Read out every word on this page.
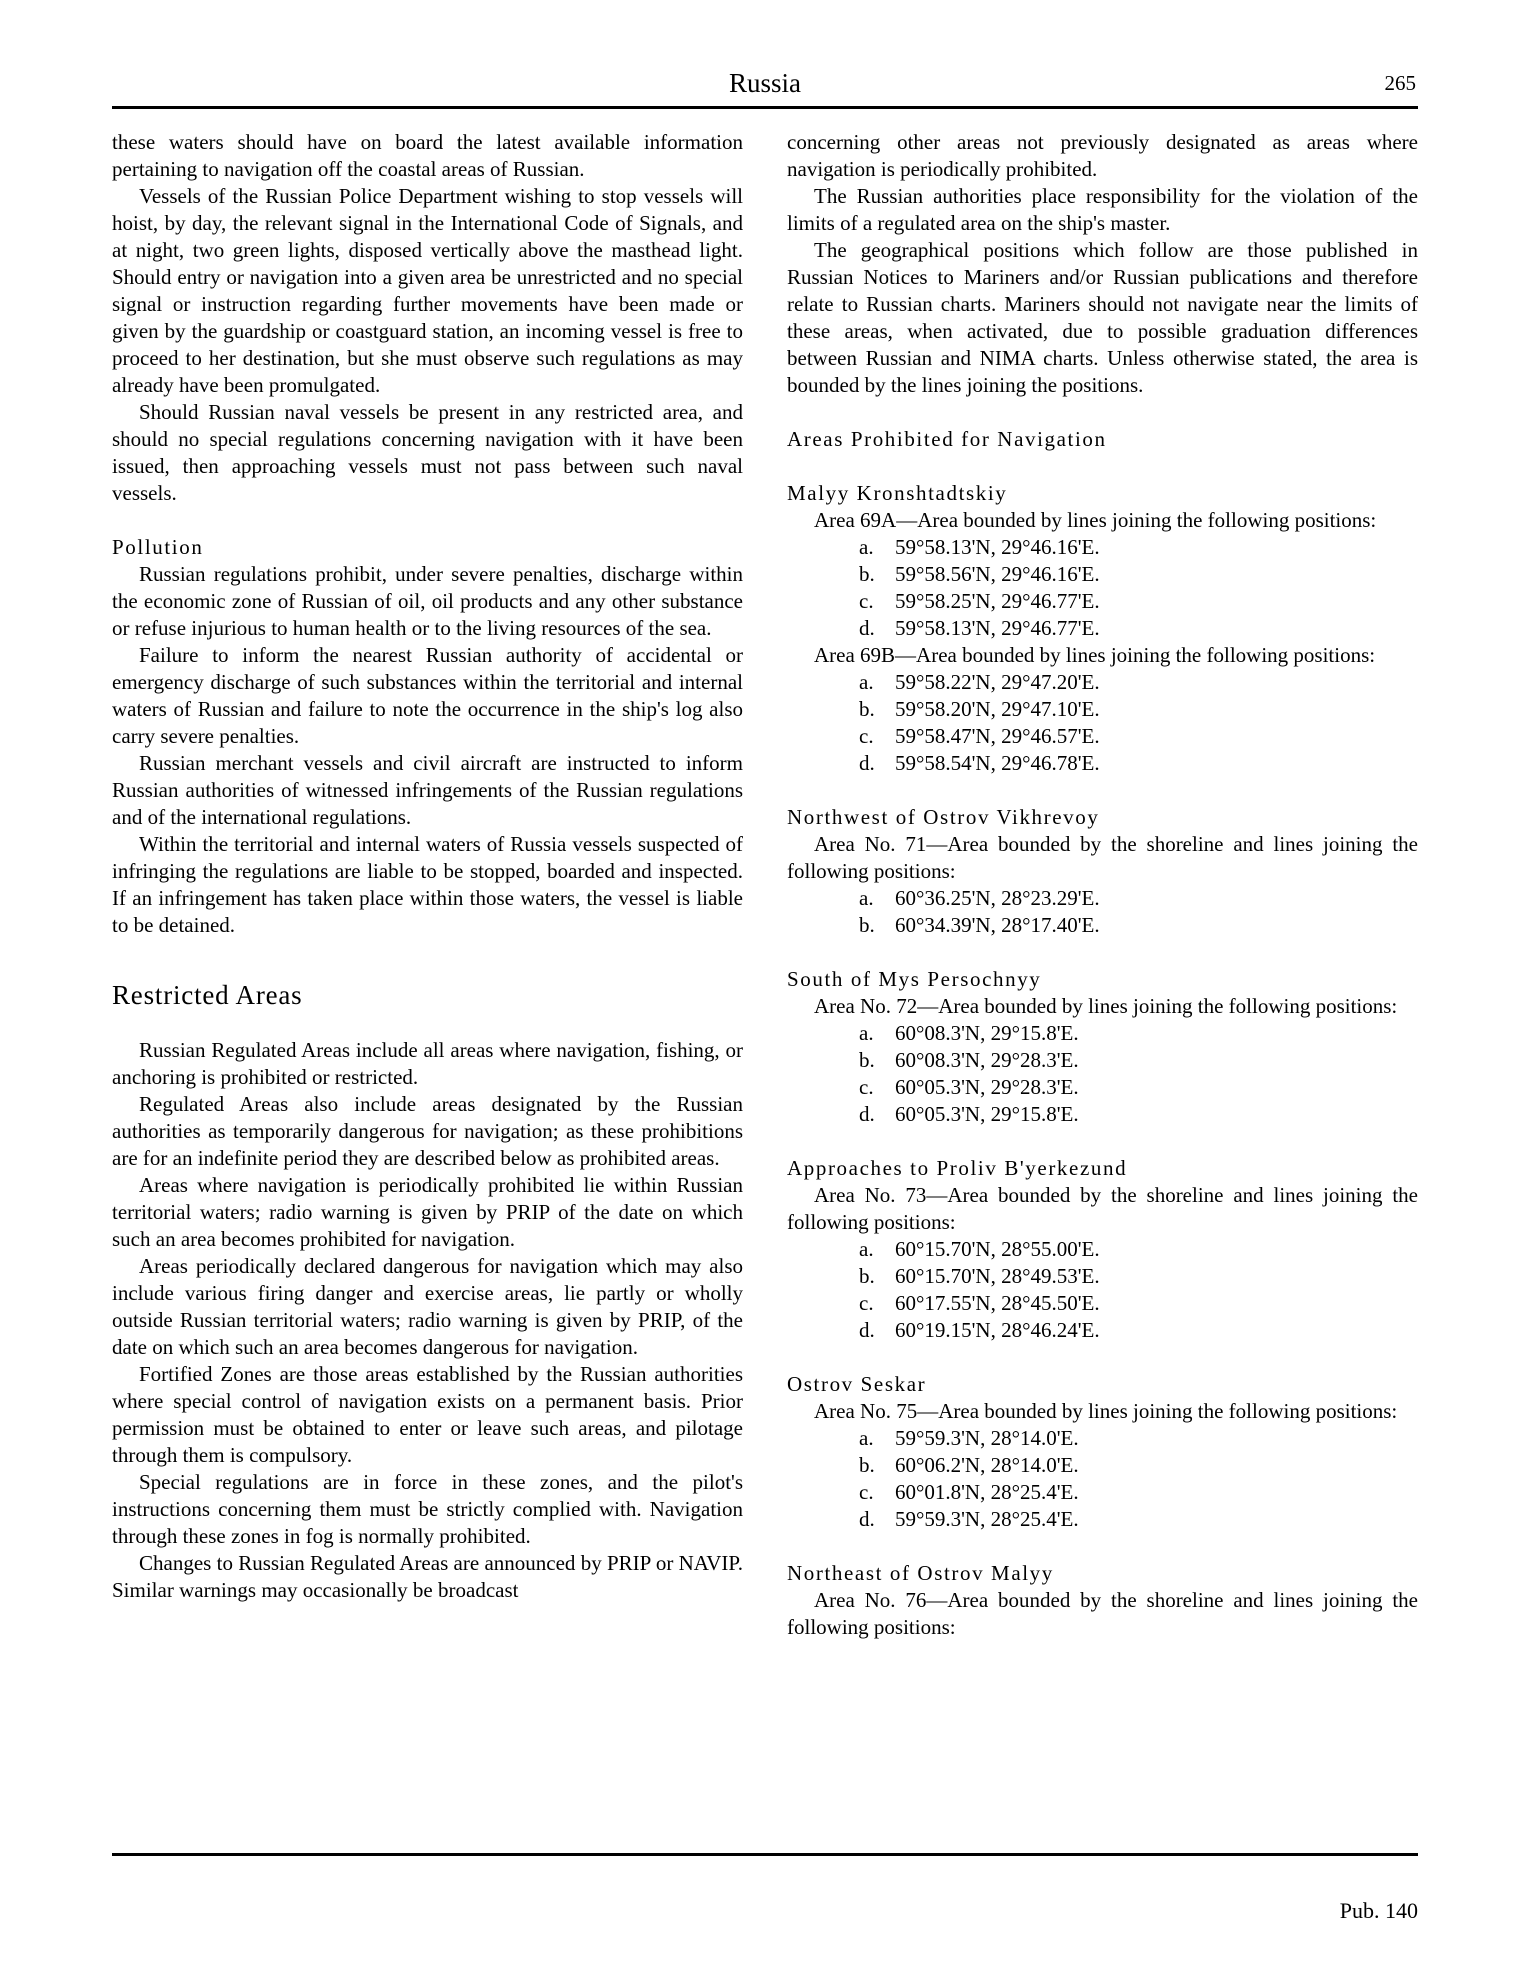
Russia	265

these waters should have on board the latest available information pertaining to navigation off the coastal areas of Russian.

Vessels of the Russian Police Department wishing to stop vessels will hoist, by day, the relevant signal in the International Code of Signals, and at night, two green lights, disposed vertically above the masthead light. Should entry or navigation into a given area be unrestricted and no special signal or instruction regarding further movements have been made or given by the guardship or coastguard station, an incoming vessel is free to proceed to her destination, but she must observe such regulations as may already have been promulgated.

Should Russian naval vessels be present in any restricted area, and should no special regulations concerning navigation with it have been issued, then approaching vessels must not pass between such naval vessels.

Pollution

Russian regulations prohibit, under severe penalties, discharge within the economic zone of Russian of oil, oil products and any other substance or refuse injurious to human health or to the living resources of the sea.

Failure to inform the nearest Russian authority of accidental or emergency discharge of such substances within the territorial and internal waters of Russian and failure to note the occurrence in the ship's log also carry severe penalties.

Russian merchant vessels and civil aircraft are instructed to inform Russian authorities of witnessed infringements of the Russian regulations and of the international regulations.

Within the territorial and internal waters of Russia vessels suspected of infringing the regulations are liable to be stopped, boarded and inspected. If an infringement has taken place within those waters, the vessel is liable to be detained.

Restricted Areas

Russian Regulated Areas include all areas where navigation, fishing, or anchoring is prohibited or restricted.

Regulated Areas also include areas designated by the Russian authorities as temporarily dangerous for navigation; as these prohibitions are for an indefinite period they are described below as prohibited areas.

Areas where navigation is periodically prohibited lie within Russian territorial waters; radio warning is given by PRIP of the date on which such an area becomes prohibited for navigation.

Areas periodically declared dangerous for navigation which may also include various firing danger and exercise areas, lie partly or wholly outside Russian territorial waters; radio warning is given by PRIP, of the date on which such an area becomes dangerous for navigation.

Fortified Zones are those areas established by the Russian authorities where special control of navigation exists on a permanent basis. Prior permission must be obtained to enter or leave such areas, and pilotage through them is compulsory.

Special regulations are in force in these zones, and the pilot's instructions concerning them must be strictly complied with. Navigation through these zones in fog is normally prohibited.

Changes to Russian Regulated Areas are announced by PRIP or NAVIP. Similar warnings may occasionally be broadcast

concerning other areas not previously designated as areas where navigation is periodically prohibited.

The Russian authorities place responsibility for the violation of the limits of a regulated area on the ship's master.

The geographical positions which follow are those published in Russian Notices to Mariners and/or Russian publications and therefore relate to Russian charts. Mariners should not navigate near the limits of these areas, when activated, due to possible graduation differences between Russian and NIMA charts. Unless otherwise stated, the area is bounded by the lines joining the positions.

Areas Prohibited for Navigation
Malyy Kronshtadtskiy

Area 69A—Area bounded by lines joining the following positions:

a. 59°58.13'N, 29°46.16'E.
b. 59°58.56'N, 29°46.16'E.
c. 59°58.25'N, 29°46.77'E.
d. 59°58.13'N, 29°46.77'E.

Area 69B—Area bounded by lines joining the following positions:

a. 59°58.22'N, 29°47.20'E.
b. 59°58.20'N, 29°47.10'E.
c. 59°58.47'N, 29°46.57'E.
d. 59°58.54'N, 29°46.78'E.
Northwest of Ostrov Vikhrevoy

Area No. 71—Area bounded by the shoreline and lines joining the following positions:

a. 60°36.25'N, 28°23.29'E.
b. 60°34.39'N, 28°17.40'E.
South of Mys Persochnyy

Area No. 72—Area bounded by lines joining the following positions:

a. 60°08.3'N, 29°15.8'E.
b. 60°08.3'N, 29°28.3'E.
c. 60°05.3'N, 29°28.3'E.
d. 60°05.3'N, 29°15.8'E.
Approaches to Proliv B'yerkezund

Area No. 73—Area bounded by the shoreline and lines joining the following positions:

a. 60°15.70'N, 28°55.00'E.
b. 60°15.70'N, 28°49.53'E.
c. 60°17.55'N, 28°45.50'E.
d. 60°19.15'N, 28°46.24'E.
Ostrov Seskar

Area No. 75—Area bounded by lines joining the following positions:

a. 59°59.3'N, 28°14.0'E.
b. 60°06.2'N, 28°14.0'E.
c. 60°01.8'N, 28°25.4'E.
d. 59°59.3'N, 28°25.4'E.
Northeast of Ostrov Malyy

Area No. 76—Area bounded by the shoreline and lines joining the following positions:

Pub. 140
